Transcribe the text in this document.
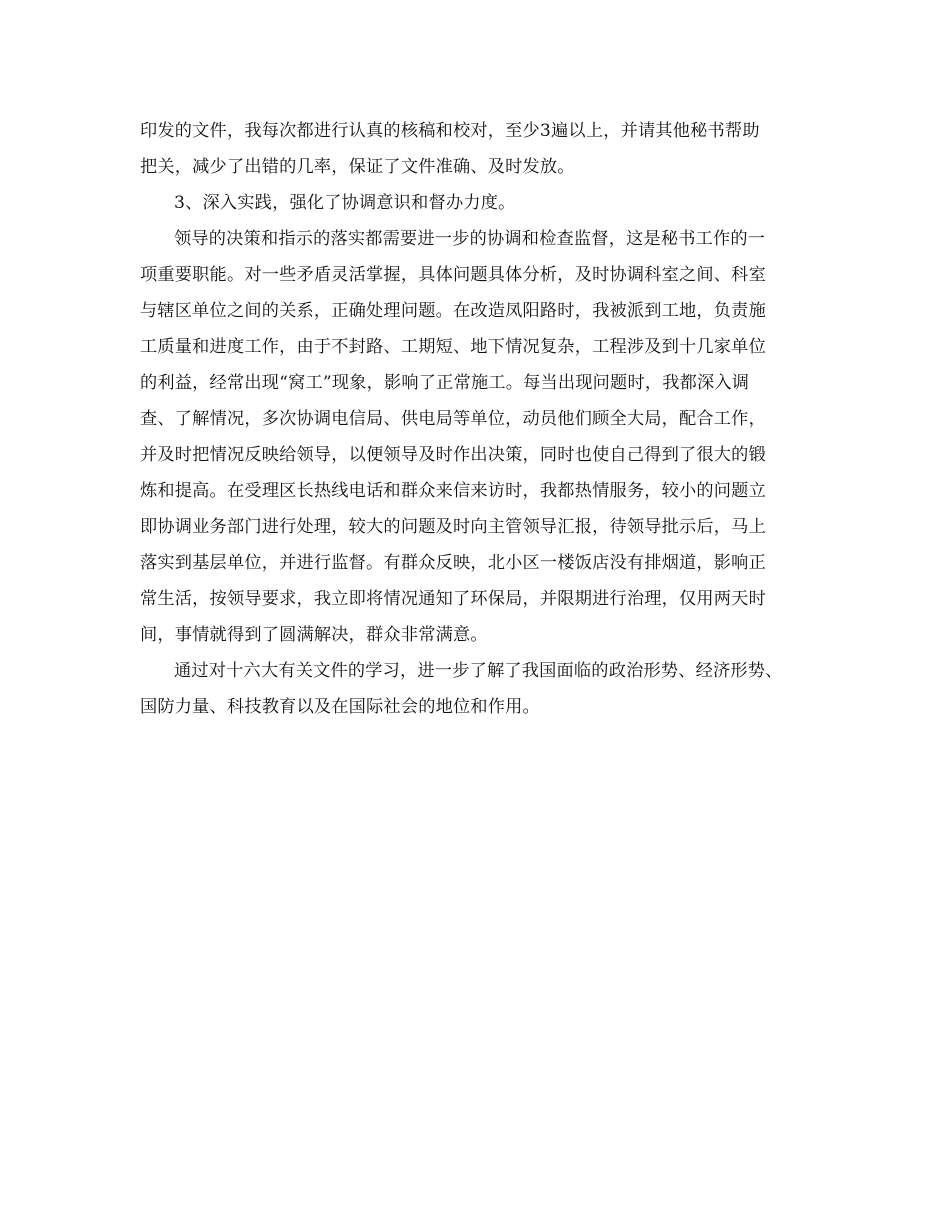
印发的文件，我每次都进行认真的核稿和校对，至少3遍以上，并请其他秘书帮助
把关，减少了出错的几率，保证了文件准确、及时发放。
3、深入实践，强化了协调意识和督办力度。
领导的决策和指示的落实都需要进一步的协调和检查监督，这是秘书工作的一
项重要职能。对一些矛盾灵活掌握，具体问题具体分析，及时协调科室之间、科室
与辖区单位之间的关系，正确处理问题。在改造凤阳路时，我被派到工地，负责施
工质量和进度工作，由于不封路、工期短、地下情况复杂，工程涉及到十几家单位
的利益，经常出现“窝工”现象，影响了正常施工。每当出现问题时，我都深入调
查、了解情况，多次协调电信局、供电局等单位，动员他们顾全大局，配合工作，
并及时把情况反映给领导，以便领导及时作出决策，同时也使自己得到了很大的锻
炼和提高。在受理区长热线电话和群众来信来访时，我都热情服务，较小的问题立
即协调业务部门进行处理，较大的问题及时向主管领导汇报，待领导批示后，马上
落实到基层单位，并进行监督。有群众反映，北小区一楼饭店没有排烟道，影响正
常生活，按领导要求，我立即将情况通知了环保局，并限期进行治理，仅用两天时
间，事情就得到了圆满解决，群众非常满意。
通过对十六大有关文件的学习，进一步了解了我国面临的政治形势、经济形势、
国防力量、科技教育以及在国际社会的地位和作用。
